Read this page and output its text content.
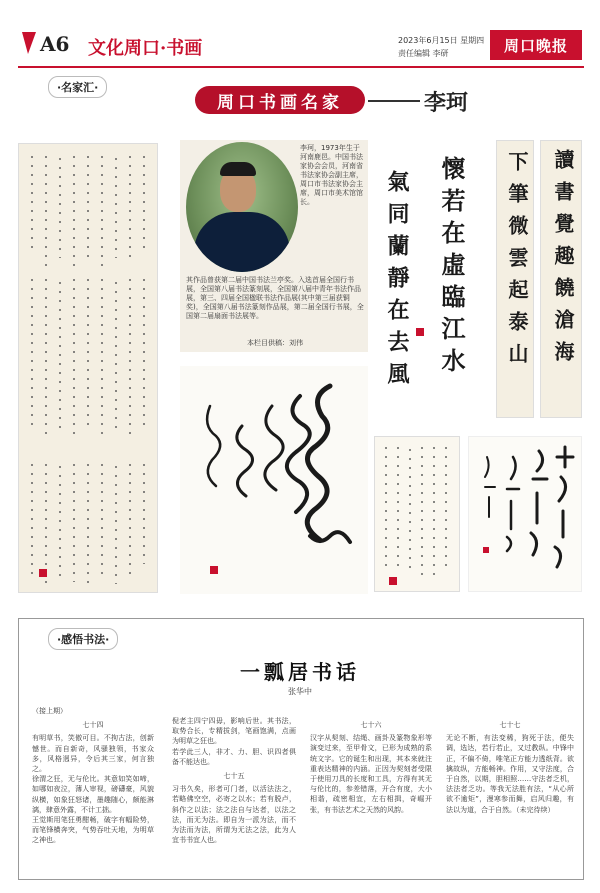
A6 文化周口·书画	2023年6月15日 星期四
责任编辑 李研	周口晚报
·名家汇·
周口书画名家	李珂
李珂，1973年生于河南鹿邑。中国书法家协会会员，河南省书法家协会副主席，周口市书法家协会主席，周口市美术馆馆长。
其作品曾获第二届中国书法兰亭奖。入选首届全国行书展，全国第八届书法篆刻展，全国第八届中青年书法作品展，第三、四届全国楹联书法作品展(其中第三届获铜奖)，全国第八届书法篆刻作品展，第二届全国行书展，全国第二届扇面书法展等。
本栏目供稿：刘伟
懷若在虛臨江水
氣同蘭靜在去風
下筆微雲起泰山
讀書覺趣饒滄海
·感悟书法·
一瓢居书话
张华中
（接上期）
七十四
有明草书，笑傲可目。不拘古法，创新憾世。而自新奇，风骚独领，书家众多，风格迥异，令后其三家，何言独之。
徐渭之狂，无与伦比。其意如笑如啼，如哪如夜泣，薄人审视，磅礴豪，风貌纵横，如象狂怒诸，墨趣随心，颇能淋漓，肆意外露，不计工拙。
王觉斯用笔狂勇酣畅，破字有幅险势，而笔锋横奔突，气势吞吐天地，为明草之神也。
倪老主四宁四毋，影响后世。其书法，取势合长，专精拔剑，笔画饱满，点画为明草之狂也。
若学此三人，非才、力、胆、识四者俱备不能达也。
七十五
习书久矣，形者可门者，以活法法之，若略佛空空，必寄之以水；若有脱卢，斜作之以法；法之法自与达者，以法之法，而无为法。即自为一派为法，而不为法而为法，所谓为无法之法，此为人宜书书宜人也。
七十六
汉字从契刻、结绳、画卦及篆物象形等演变过来，至甲骨文，已形为成熟的系统文字。它的诞生和出现，其本来就注重表达精神的内涵。正因为契刻者受限于使用刀具的长度和工具，方得有其无与伦比的，参差错落，开合有度，大小相谐，疏密相宜，左右相揖，奇崛开张，有书法艺术之天然的风韵。
七十七
无论不断，有法变稀，狗死于法，便失调，选达，若行若止，又过教纵。中锋中正，不偏不倚，唯笔正方能力透纸背。欲擒故纵，方能畅神。作用，又守法度，合于自然，以期，胆相照……守法者乏机，法法者乏功。等我无法胜有法，“从心所欲不逾矩”，漫寒参而舞，启风归趣，有法以为道，合于自然。（未完待续）
